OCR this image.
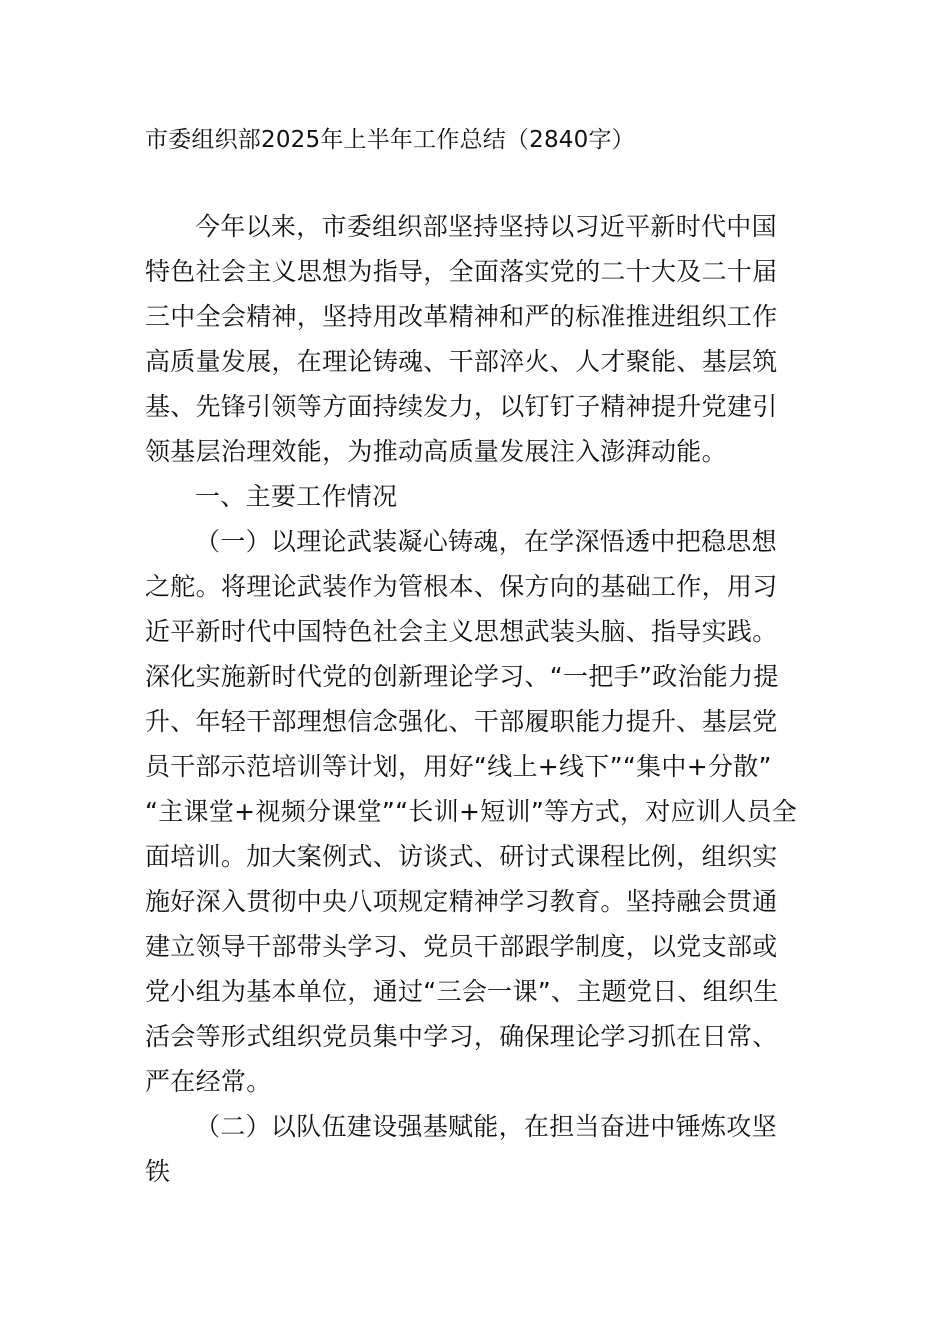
市委组织部2025年上半年工作总结（2840字）
今年以来，市委组织部坚持坚持以习近平新时代中国
特色社会主义思想为指导，全面落实党的二十大及二十届
三中全会精神，坚持用改革精神和严的标准推进组织工作
高质量发展，在理论铸魂、干部淬火、人才聚能、基层筑
基、先锋引领等方面持续发力，以钉钉子精神提升党建引
领基层治理效能，为推动高质量发展注入澎湃动能。
一、主要工作情况
（一）以理论武装凝心铸魂，在学深悟透中把稳思想
之舵。将理论武装作为管根本、保方向的基础工作，用习
近平新时代中国特色社会主义思想武装头脑、指导实践。
深化实施新时代党的创新理论学习、“一把手”政治能力提
升、年轻干部理想信念强化、干部履职能力提升、基层党
员干部示范培训等计划，用好“线上+线下”“集中+分散”
“主课堂+视频分课堂”“长训+短训”等方式，对应训人员全
面培训。加大案例式、访谈式、研讨式课程比例，组织实
施好深入贯彻中央八项规定精神学习教育。坚持融会贯通
建立领导干部带头学习、党员干部跟学制度，以党支部或
党小组为基本单位，通过“三会一课”、主题党日、组织生
活会等形式组织党员集中学习，确保理论学习抓在日常、
严在经常。
（二）以队伍建设强基赋能，在担当奋进中锤炼攻坚
铁
